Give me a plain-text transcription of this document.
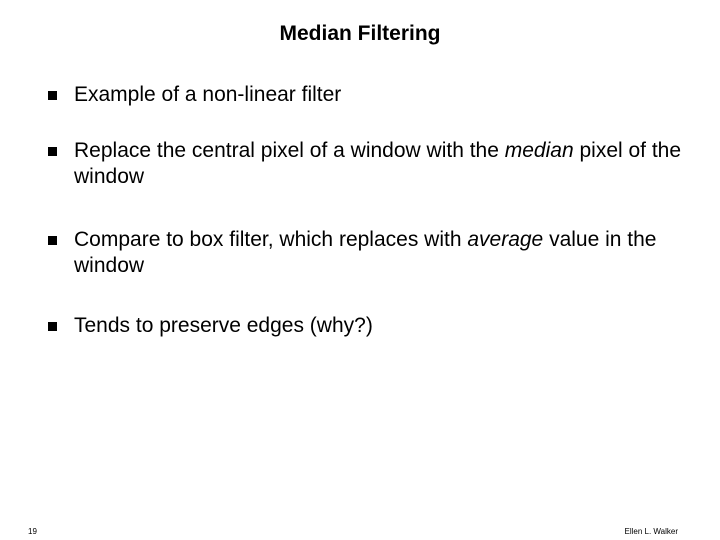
Median Filtering
Example of a non-linear filter
Replace the central pixel of a window with the median pixel of the window
Compare to box filter, which replaces with average value in the window
Tends to preserve edges (why?)
19	Ellen L. Walker
